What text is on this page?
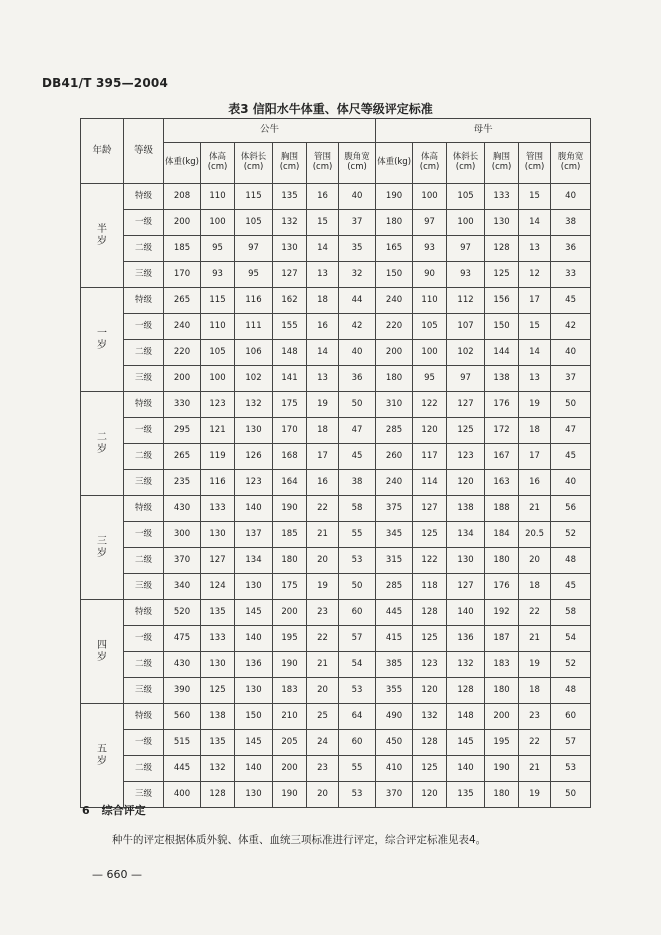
DB41/T 395—2004
表3 信阳水牛体重、体尺等级评定标准
年龄	等级	公牛						母牛					
		体重(kg)	体高(cm)	体斜长(cm)	胸围(cm)	管围(cm)	腹角宽(cm)	体重(kg)	体高(cm)	体斜长(cm)	胸围(cm)	管围(cm)	腹角宽(cm)
半
岁	特级	208	110	115	135	16	40	190	100	105	133	15	40
	一级	200	100	105	132	15	37	180	97	100	130	14	38
	二级	185	95	97	130	14	35	165	93	97	128	13	36
	三级	170	93	95	127	13	32	150	90	93	125	12	33
一
岁	特级	265	115	116	162	18	44	240	110	112	156	17	45
	一级	240	110	111	155	16	42	220	105	107	150	15	42
	二级	220	105	106	148	14	40	200	100	102	144	14	40
	三级	200	100	102	141	13	36	180	95	97	138	13	37
二
岁	特级	330	123	132	175	19	50	310	122	127	176	19	50
	一级	295	121	130	170	18	47	285	120	125	172	18	47
	二级	265	119	126	168	17	45	260	117	123	167	17	45
	三级	235	116	123	164	16	38	240	114	120	163	16	40
三
岁	特级	430	133	140	190	22	58	375	127	138	188	21	56
	一级	300	130	137	185	21	55	345	125	134	184	20.5	52
	二级	370	127	134	180	20	53	315	122	130	180	20	48
	三级	340	124	130	175	19	50	285	118	127	176	18	45
四
岁	特级	520	135	145	200	23	60	445	128	140	192	22	58
	一级	475	133	140	195	22	57	415	125	136	187	21	54
	二级	430	130	136	190	21	54	385	123	132	183	19	52
	三级	390	125	130	183	20	53	355	120	128	180	18	48
五
岁	特级	560	138	150	210	25	64	490	132	148	200	23	60
	一级	515	135	145	205	24	60	450	128	145	195	22	57
	二级	445	132	140	200	23	55	410	125	140	190	21	53
	三级	400	128	130	190	20	53	370	120	135	180	19	50
6 综合评定
种牛的评定根据体质外貌、体重、血统三项标准进行评定，综合评定标准见表4。
— 660 —
